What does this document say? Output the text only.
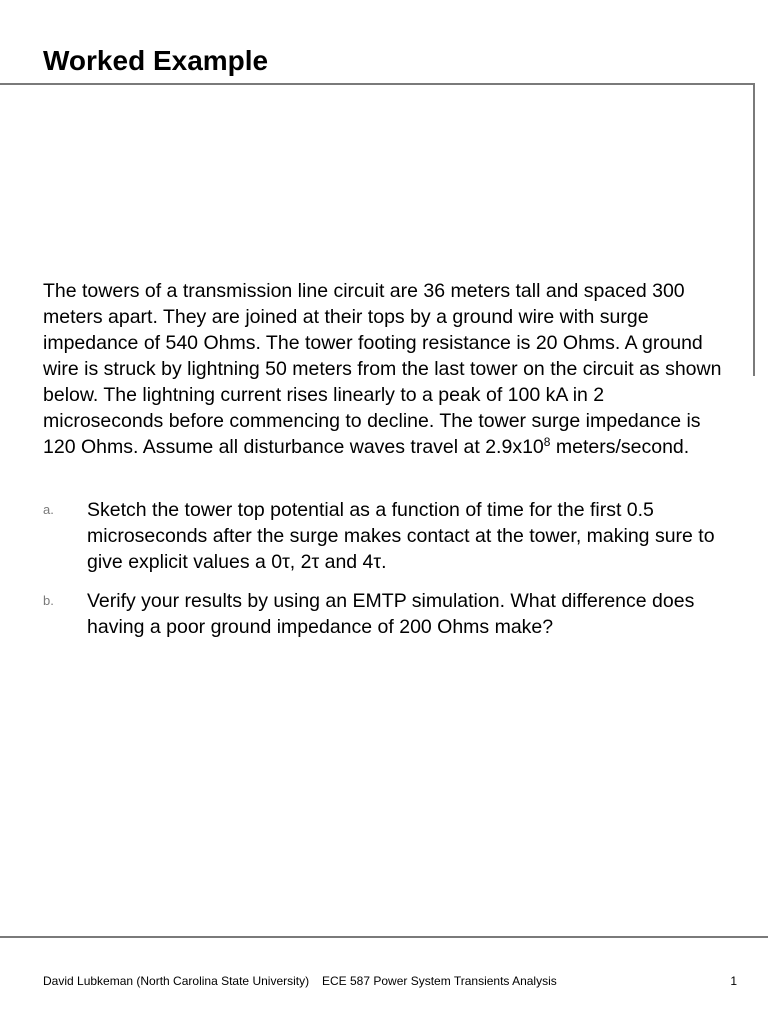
Worked Example

The towers of a transmission line circuit are 36 meters tall and spaced 300 meters apart. They are joined at their tops by a ground wire with surge impedance of 540 Ohms. The tower footing resistance is 20 Ohms. A ground wire is struck by lightning 50 meters from the last tower on the circuit as shown below. The lightning current rises linearly to a peak of 100 kA in 2 microseconds before commencing to decline. The tower surge impedance is 120 Ohms. Assume all disturbance waves travel at $2.9x10^8$ meters/second.

a. Sketch the tower top potential as a function of time for the first 0.5 microseconds after the surge makes contact at the tower, making sure to give explicit values a 0τ, 2τ and 4τ.
b. Verify your results by using an EMTP simulation. What difference does having a poor ground impedance of 200 Ohms make?
David Lubkeman (North Carolina State University) ECE 587 Power System Transients Analysis	1
